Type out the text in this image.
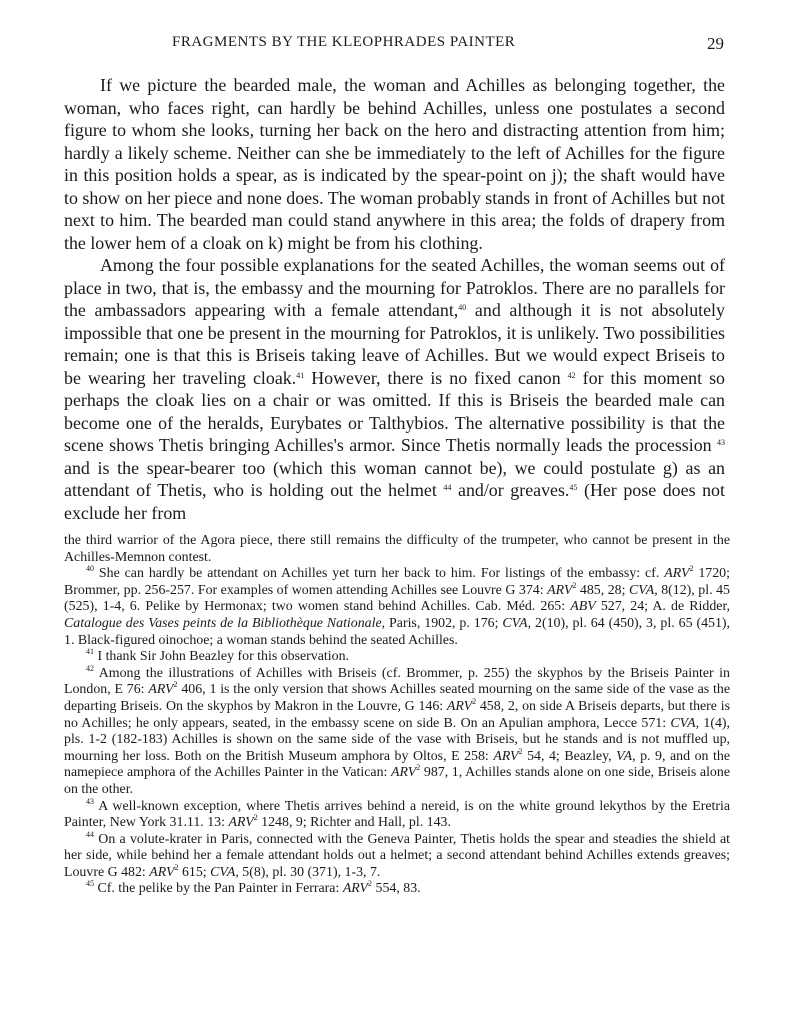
FRAGMENTS BY THE KLEOPHRADES PAINTER	29

If we picture the bearded male, the woman and Achilles as belonging together, the woman, who faces right, can hardly be behind Achilles, unless one postulates a second figure to whom she looks, turning her back on the hero and distracting attention from him; hardly a likely scheme. Neither can she be immediately to the left of Achilles for the figure in this position holds a spear, as is indicated by the spear-point on j); the shaft would have to show on her piece and none does. The woman probably stands in front of Achilles but not next to him. The bearded man could stand anywhere in this area; the folds of drapery from the lower hem of a cloak on k) might be from his clothing.

Among the four possible explanations for the seated Achilles, the woman seems out of place in two, that is, the embassy and the mourning for Patroklos. There are no parallels for the ambassadors appearing with a female attendant,$^{40}$ and although it is not absolutely impossible that one be present in the mourning for Patroklos, it is unlikely. Two possibilities remain; one is that this is Briseis taking leave of Achilles. But we would expect Briseis to be wearing her traveling cloak.$^{41}$ However, there is no fixed canon $^{42}$ for this moment so perhaps the cloak lies on a chair or was omitted. If this is Briseis the bearded male can become one of the heralds, Eurybates or Talthybios. The alternative possibility is that the scene shows Thetis bringing Achilles's armor. Since Thetis normally leads the procession $^{43}$ and is the spear-bearer too (which this woman cannot be), we could postulate g) as an attendant of Thetis, who is holding out the helmet $^{44}$ and/or greaves.$^{45}$ (Her pose does not exclude her from

the third warrior of the Agora piece, there still remains the difficulty of the trumpeter, who cannot be present in the Achilles-Memnon contest.

$^{40}$ She can hardly be attendant on Achilles yet turn her back to him. For listings of the embassy: cf. ARV$^2$ 1720; Brommer, pp. 256-257. For examples of women attending Achilles see Louvre G 374: ARV$^2$ 485, 28; CVA, 8(12), pl. 45 (525), 1-4, 6. Pelike by Hermonax; two women stand behind Achilles. Cab. Méd. 265: ABV 527, 24; A. de Ridder, Catalogue des Vases peints de la Bibliothèque Nationale, Paris, 1902, p. 176; CVA, 2(10), pl. 64 (450), 3, pl. 65 (451), 1. Black-figured oinochoe; a woman stands behind the seated Achilles.

$^{41}$ I thank Sir John Beazley for this observation.

$^{42}$ Among the illustrations of Achilles with Briseis (cf. Brommer, p. 255) the skyphos by the Briseis Painter in London, E 76: ARV$^2$ 406, 1 is the only version that shows Achilles seated mourning on the same side of the vase as the departing Briseis. On the skyphos by Makron in the Louvre, G 146: ARV$^2$ 458, 2, on side A Briseis departs, but there is no Achilles; he only appears, seated, in the embassy scene on side B. On an Apulian amphora, Lecce 571: CVA, 1(4), pls. 1-2 (182-183) Achilles is shown on the same side of the vase with Briseis, but he stands and is not muffled up, mourning her loss. Both on the British Museum amphora by Oltos, E 258: ARV$^2$ 54, 4; Beazley, VA, p. 9, and on the namepiece amphora of the Achilles Painter in the Vatican: ARV$^2$ 987, 1, Achilles stands alone on one side, Briseis alone on the other.

$^{43}$ A well-known exception, where Thetis arrives behind a nereid, is on the white ground lekythos by the Eretria Painter, New York 31.11. 13: ARV$^2$ 1248, 9; Richter and Hall, pl. 143.

$^{44}$ On a volute-krater in Paris, connected with the Geneva Painter, Thetis holds the spear and steadies the shield at her side, while behind her a female attendant holds out a helmet; a second attendant behind Achilles extends greaves; Louvre G 482: ARV$^2$ 615; CVA, 5(8), pl. 30 (371), 1-3, 7.

$^{45}$ Cf. the pelike by the Pan Painter in Ferrara: ARV$^2$ 554, 83.
